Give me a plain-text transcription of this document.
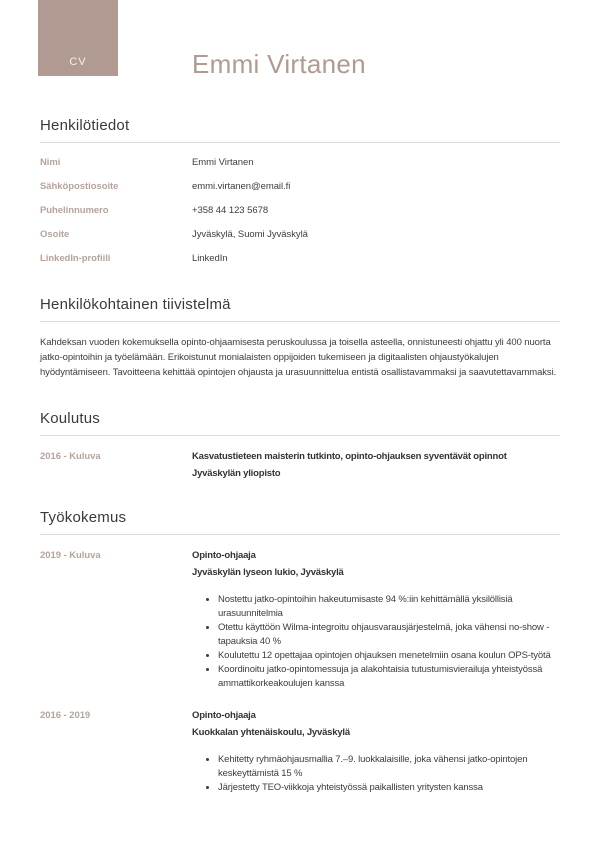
CV	Emmi Virtanen
Henkilötiedot
Nimi	Emmi Virtanen
Sähköpostiosoite	emmi.virtanen@email.fi
Puhelinnumero	+358 44 123 5678
Osoite	Jyväskylä, Suomi Jyväskylä
LinkedIn-profiili	LinkedIn
Henkilökohtainen tiivistelmä

Kahdeksan vuoden kokemuksella opinto-ohjaamisesta peruskoulussa ja toisella asteella, onnistuneesti ohjattu yli 400 nuorta jatko-opintoihin ja työelämään. Erikoistunut monialaisten oppijoiden tukemiseen ja digitaalisten ohjaustyökalujen hyödyntämiseen. Tavoitteena kehittää opintojen ohjausta ja urasuunnittelua entistä osallistavammaksi ja saavutettavammaksi.

Koulutus
2016 - Kuluva	Kasvatustieteen maisterin tutkinto, opinto-ohjauksen syventävät opinnot
Jyväskylän yliopisto
Työkokemus
2019 - Kuluva	Opinto-ohjaaja
Jyväskylän lyseon lukio, Jyväskylä
• Nostettu jatko-opintoihin hakeutumisaste 94 %:iin kehittämällä yksilöllisiä urasuunnitelmia
• Otettu käyttöön Wilma-integroitu ohjausvarausjärjestelmä, joka vähensi no-show -tapauksia 40 %
• Koulutettu 12 opettajaa opintojen ohjauksen menetelmiin osana koulun OPS-työtä
• Koordinoitu jatko-opintomessuja ja alakohtaisia tutustumisvierailuja yhteistyössä ammattikorkeakoulujen kanssa
2016 - 2019	Opinto-ohjaaja
Kuokkalan yhtenäiskoulu, Jyväskylä
• Kehitetty ryhmäohjausmallia 7.–9. luokkalaisille, joka vähensi jatko-opintojen keskeyttämistä 15 %
• Järjestetty TEO-viikkoja yhteistyössä paikallisten yritysten kanssa
